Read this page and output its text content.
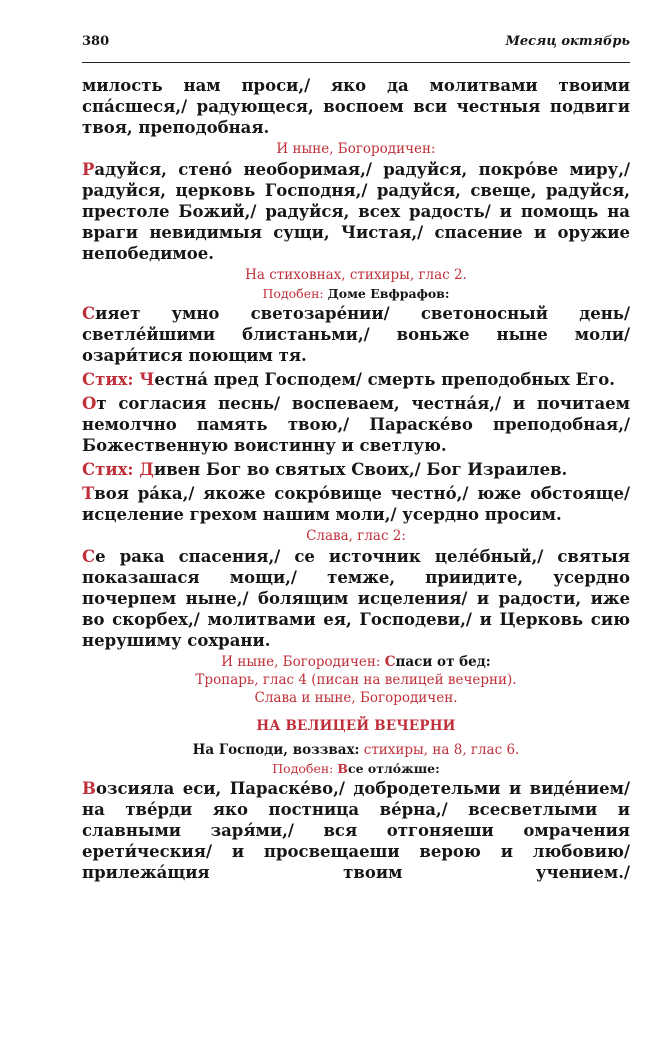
380	Месяц октябрь

милость нам проси,/ яко да молитвами твоими спа́сшеся,/ радующеся, воспоем вси честныя подвиги твоя, преподобная.

И ныне, Богородичен:

Радуйся, стено́ необоримая,/ радуйся, покро́ве миру,/ радуйся, церковь Господня,/ радуйся, свеще, радуйся, престоле Божий,/ радуйся, всех радость/ и помощь на враги невидимыя сущи, Чистая,/ спасение и оружие непобедимое.

На стиховнах, стихиры, глас 2.

Подобен: Доме Евфрафов:

Сияет умно светозаре́нии/ светоносный день/ светле́йшими блистаньми,/ воньже ныне моли/ озари́тися поющим тя.

Стих: Честна́ пред Господем/ смерть преподобных Его.

От согласия песнь/ воспеваем, честна́я,/ и почитаем немолчно память твою,/ Параске́во преподобная,/ Божественную воистинну и светлую.

Стих: Дивен Бог во святых Своих,/ Бог Израилев.

Твоя ра́ка,/ якоже сокро́вище честно́,/ юже обстояще/ исцеление грехом нашим моли,/ усердно просим.

Слава, глас 2:

Се рака спасения,/ се источник целе́бный,/ святыя показашася мощи,/ темже, приидите, усердно почерпем ныне,/ болящим исцеления/ и радости, иже во скорбех,/ молитвами ея, Господеви,/ и Церковь сию нерушиму сохрани.

И ныне, Богородичен: Спаси от бед:

Тропарь, глас 4 (писан на велицей вечерни).

Слава и ныне, Богородичен.

НА ВЕЛИЦЕЙ ВЕЧЕРНИ

На Господи, воззвах: стихиры, на 8, глас 6.

Подобен: Все отло́жше:

Возсияла еси, Параске́во,/ добродетельми и виде́нием/ на тве́рди яко постница ве́рна,/ всесветлыми и славными заря́ми,/ вся отгоняеши омрачения ерети́ческия/ и просвещаеши верою и любовию/ прилежа́щия твоим учением./
